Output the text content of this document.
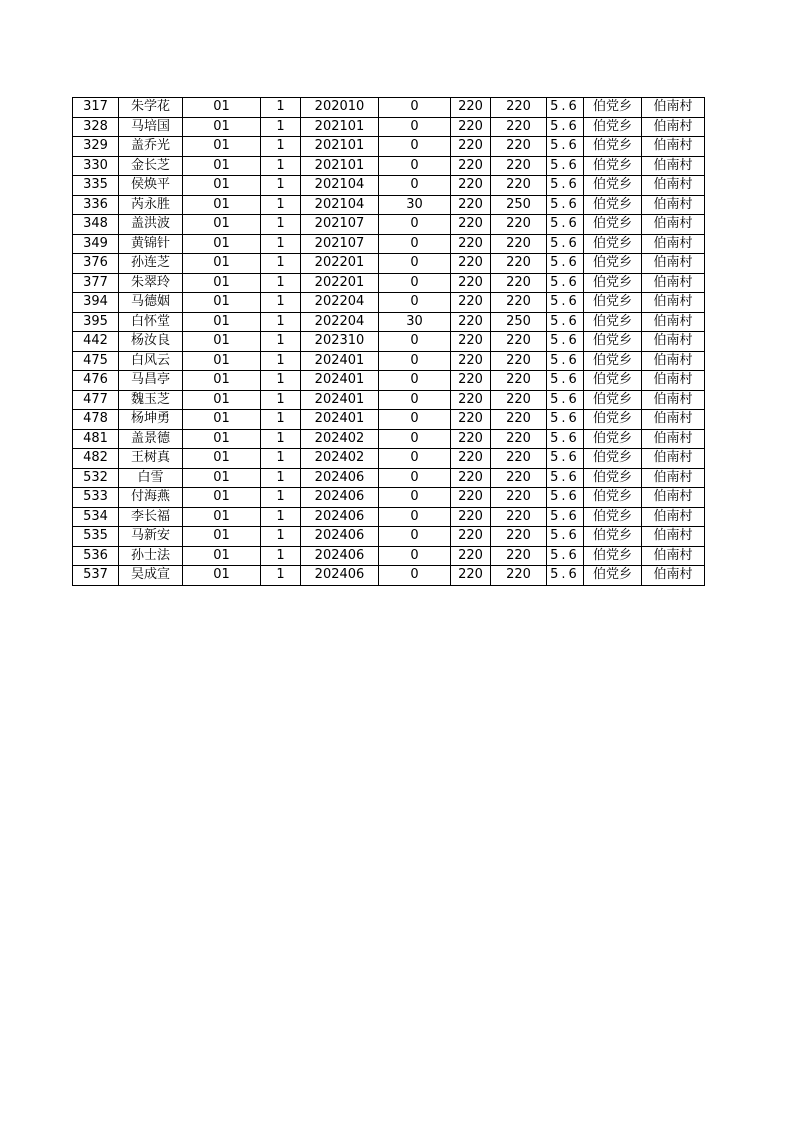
317	朱学花	01	1	202010	0	220	220	5.6	伯党乡	伯南村
328	马培国	01	1	202101	0	220	220	5.6	伯党乡	伯南村
329	盖乔光	01	1	202101	0	220	220	5.6	伯党乡	伯南村
330	金长芝	01	1	202101	0	220	220	5.6	伯党乡	伯南村
335	侯焕平	01	1	202104	0	220	220	5.6	伯党乡	伯南村
336	芮永胜	01	1	202104	30	220	250	5.6	伯党乡	伯南村
348	盖洪波	01	1	202107	0	220	220	5.6	伯党乡	伯南村
349	黄锦针	01	1	202107	0	220	220	5.6	伯党乡	伯南村
376	孙连芝	01	1	202201	0	220	220	5.6	伯党乡	伯南村
377	朱翠玲	01	1	202201	0	220	220	5.6	伯党乡	伯南村
394	马德姻	01	1	202204	0	220	220	5.6	伯党乡	伯南村
395	白怀堂	01	1	202204	30	220	250	5.6	伯党乡	伯南村
442	杨汝良	01	1	202310	0	220	220	5.6	伯党乡	伯南村
475	白风云	01	1	202401	0	220	220	5.6	伯党乡	伯南村
476	马昌亭	01	1	202401	0	220	220	5.6	伯党乡	伯南村
477	魏玉芝	01	1	202401	0	220	220	5.6	伯党乡	伯南村
478	杨坤勇	01	1	202401	0	220	220	5.6	伯党乡	伯南村
481	盖景德	01	1	202402	0	220	220	5.6	伯党乡	伯南村
482	王树真	01	1	202402	0	220	220	5.6	伯党乡	伯南村
532	白雪	01	1	202406	0	220	220	5.6	伯党乡	伯南村
533	付海燕	01	1	202406	0	220	220	5.6	伯党乡	伯南村
534	李长福	01	1	202406	0	220	220	5.6	伯党乡	伯南村
535	马新安	01	1	202406	0	220	220	5.6	伯党乡	伯南村
536	孙士法	01	1	202406	0	220	220	5.6	伯党乡	伯南村
537	吴成宣	01	1	202406	0	220	220	5.6	伯党乡	伯南村
